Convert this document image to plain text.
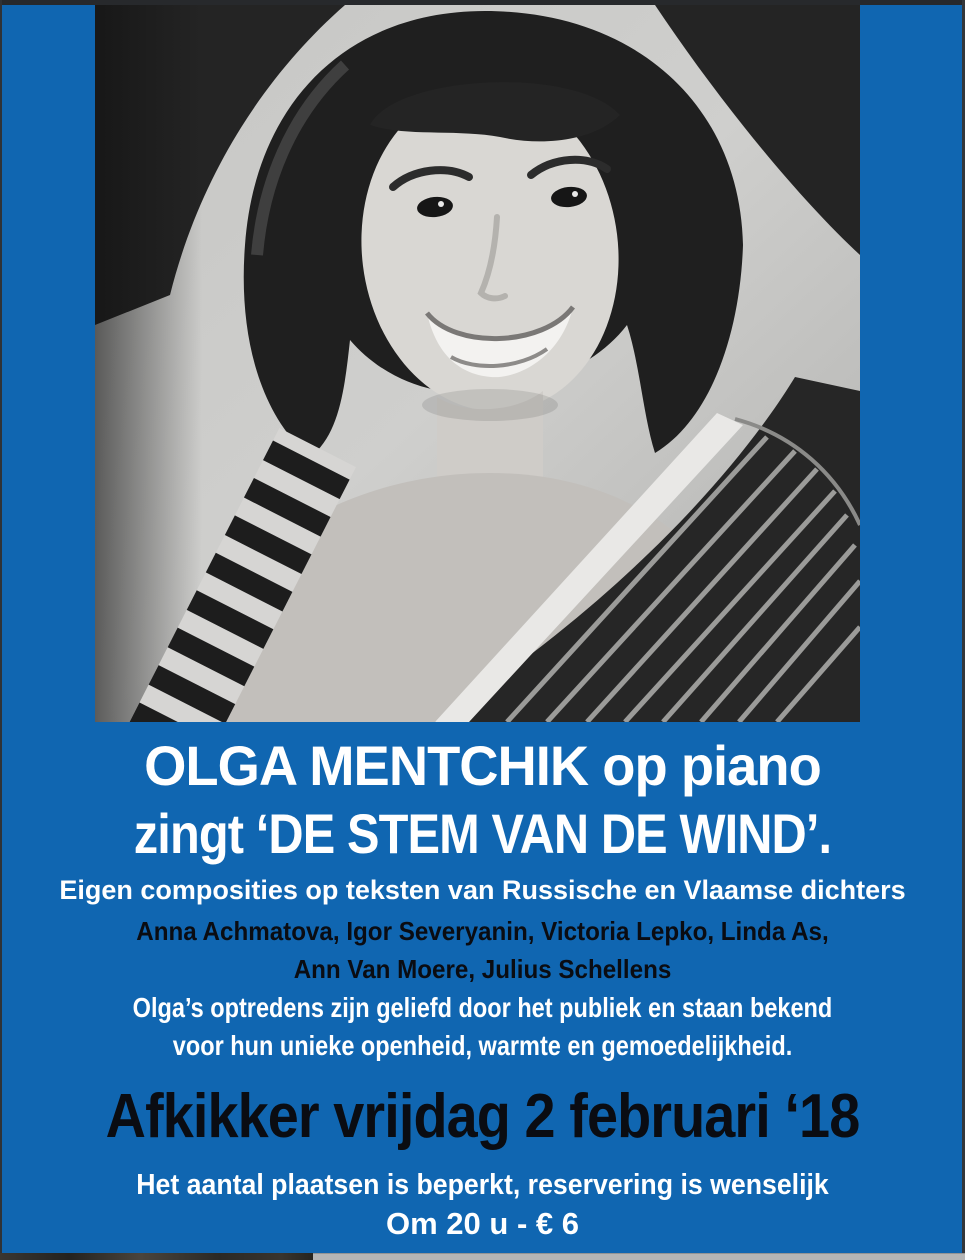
OLGA MENTCHIK op piano
zingt ‘DE STEM VAN DE WIND’.
Eigen composities op teksten van Russische en Vlaamse dichters
Anna Achmatova, Igor Severyanin, Victoria Lepko, Linda As,
Ann Van Moere, Julius Schellens
Olga’s optredens zijn geliefd door het publiek en staan bekend
voor hun unieke openheid, warmte en gemoedelijkheid.
Afkikker vrijdag 2 februari ‘18
Het aantal plaatsen is beperkt, reservering is wenselijk
Om 20 u - € 6
